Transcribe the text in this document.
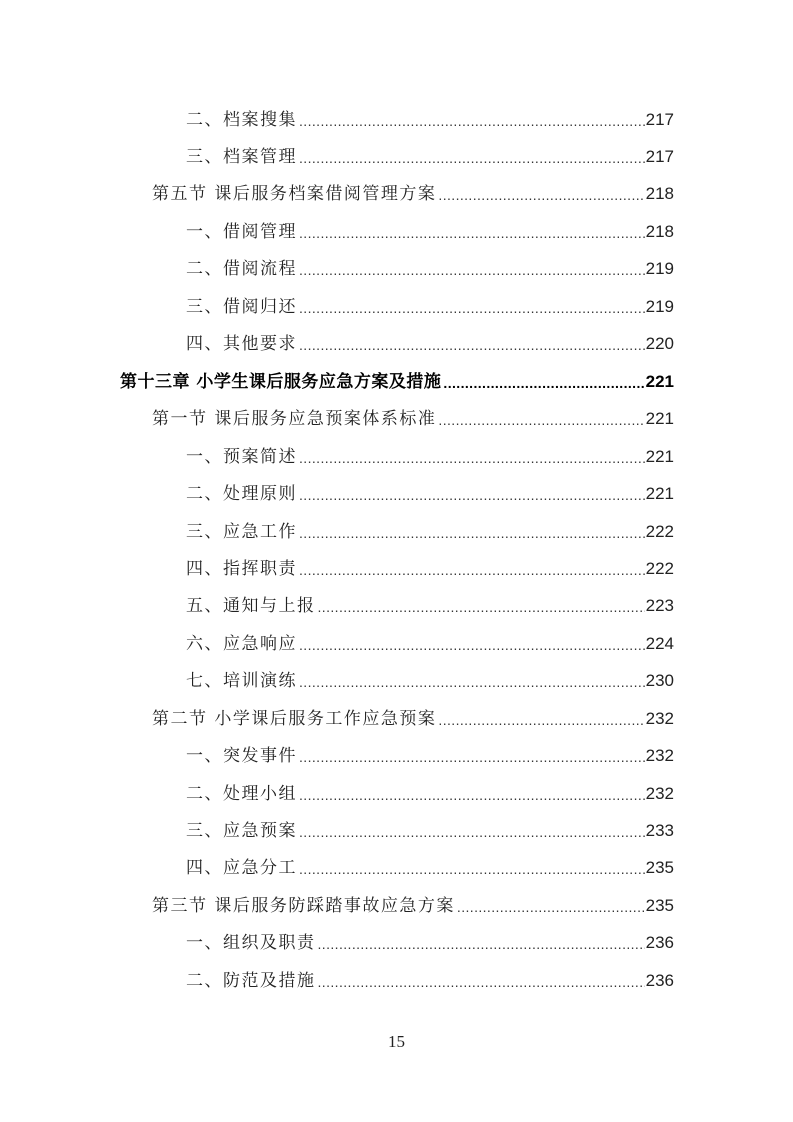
二、档案搜集 .....	217
三、档案管理 .....	217
第五节 课后服务档案借阅管理方案 .....	218
一、借阅管理 .....	218
二、借阅流程 .....	219
三、借阅归还 .....	219
四、其他要求 .....	220
第十三章 小学生课后服务应急方案及措施 .....	221
第一节 课后服务应急预案体系标准 .....	221
一、预案简述 .....	221
二、处理原则 .....	221
三、应急工作 .....	222
四、指挥职责 .....	222
五、通知与上报 .....	223
六、应急响应 .....	224
七、培训演练 .....	230
第二节 小学课后服务工作应急预案 .....	232
一、突发事件 .....	232
二、处理小组 .....	232
三、应急预案 .....	233
四、应急分工 .....	235
第三节 课后服务防踩踏事故应急方案 .....	235
一、组织及职责 .....	236
二、防范及措施 .....	236
15
